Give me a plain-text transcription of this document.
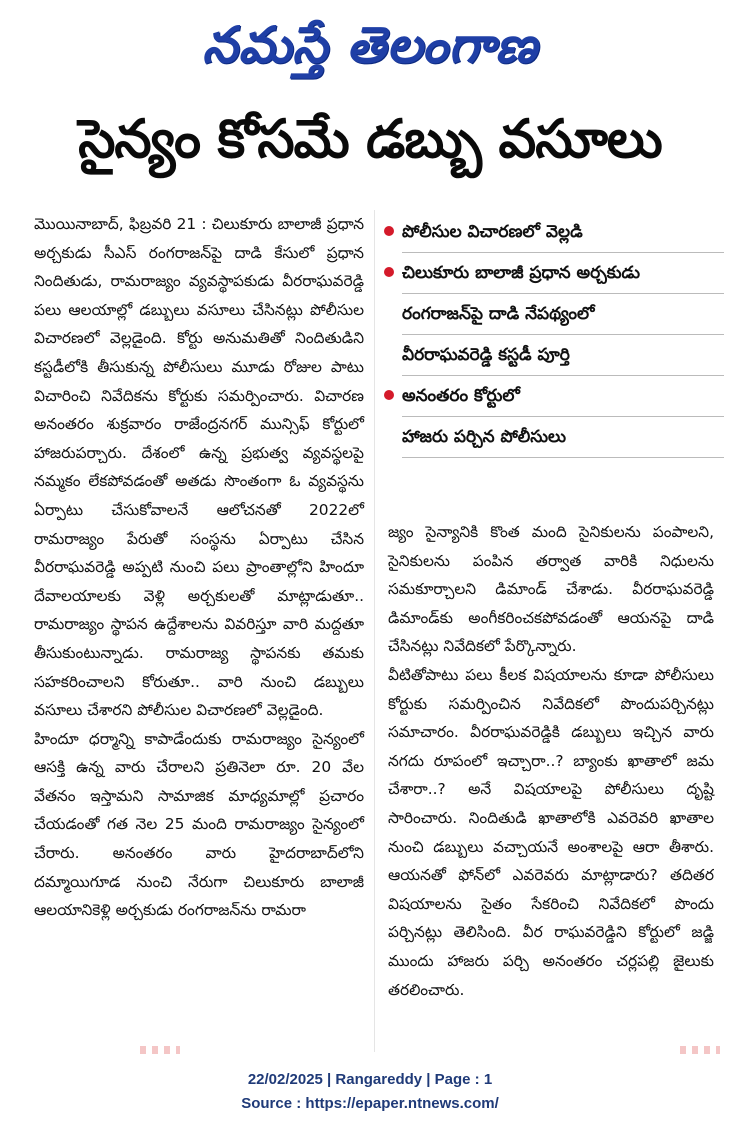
నమస్తే తెలంగాణ
సైన్యం కోసమే డబ్బు వసూలు

మొయినాబాద్, ఫిబ్రవరి 21 : చిలుకూరు బాలాజీ ప్రధాన అర్చకుడు సీఎస్ రంగరాజన్‌పై దాడి కేసులో ప్రధాన నిందితుడు, రామరాజ్యం వ్యవస్థాపకుడు వీరరాఘవరెడ్డి పలు ఆలయాల్లో డబ్బులు వసూలు చేసినట్లు పోలీసుల విచారణలో వెల్లడైంది. కోర్టు అనుమతితో నిందితుడిని కస్టడీలోకి తీసుకున్న పోలీసులు మూడు రోజుల పాటు విచారించి నివేదికను కోర్టుకు సమర్పించారు. విచారణ అనంతరం శుక్రవారం రాజేంద్రనగర్ మున్సిఫ్ కోర్టులో హాజరుపర్చారు. దేశంలో ఉన్న ప్రభుత్వ వ్యవస్థలపై నమ్మకం లేకపోవడంతో అతడు సొంతంగా ఓ వ్యవస్థను ఏర్పాటు చేసుకోవాలనే ఆలోచనతో 2022లో రామరాజ్యం పేరుతో సంస్థను ఏర్పాటు చేసిన వీరరాఘవరెడ్డి అప్పటి నుంచి పలు ప్రాంతాల్లోని హిందూ దేవాలయాలకు వెళ్లి అర్చకులతో మాట్లాడుతూ.. రామరాజ్యం స్థాపన ఉద్దేశాలను వివరిస్తూ వారి మద్దతూ తీసుకుంటున్నాడు. రామరాజ్య స్థాపనకు తమకు సహకరించాలని కోరుతూ.. వారి నుంచి డబ్బులు వసూలు చేశారని పోలీసుల విచారణలో వెల్లడైంది.

హిందూ ధర్మాన్ని కాపాడేందుకు రామరాజ్యం సైన్యంలో ఆసక్తి ఉన్న వారు చేరాలని ప్రతినెలా రూ. 20 వేల వేతనం ఇస్తామని సామాజిక మాధ్యమాల్లో ప్రచారం చేయడంతో గత నెల 25 మంది రామరాజ్యం సైన్యంలో చేరారు. అనంతరం వారు హైదరాబాద్‌లోని దమ్మాయిగూడ నుంచి నేరుగా చిలుకూరు బాలాజీ ఆలయానికెళ్లి అర్చకుడు రంగరాజన్‌ను రామరా

పోలీసుల విచారణలో వెల్లడి
చిలుకూరు బాలాజీ ప్రధాన అర్చకుడు
రంగరాజన్‌పై దాడి నేపథ్యంలో
వీరరాఘవరెడ్డి కస్టడీ పూర్తి
అనంతరం కోర్టులో
హాజరు పర్చిన పోలీసులు

జ్యం సైన్యానికి కొంత మంది సైనికులను పంపాలని, సైనికులను పంపిన తర్వాత వారికి నిధులను సమకూర్చాలని డిమాండ్ చేశాడు. వీరరాఘవరెడ్డి డిమాండ్‌కు అంగీకరించకపోవడంతో ఆయనపై దాడి చేసినట్లు నివేదికలో పేర్కొన్నారు.

వీటితోపాటు పలు కీలక విషయాలను కూడా పోలీసులు కోర్టుకు సమర్పించిన నివేదికలో పొందుపర్చినట్లు సమాచారం. వీరరాఘవరెడ్డికి డబ్బులు ఇచ్చిన వారు నగదు రూపంలో ఇచ్చారా..? బ్యాంకు ఖాతాలో జమ చేశారా..? అనే విషయాలపై పోలీసులు దృష్టి సారించారు. నిందితుడి ఖాతాలోకి ఎవరెవరి ఖాతాల నుంచి డబ్బులు వచ్చాయనే అంశాలపై ఆరా తీశారు. ఆయనతో ఫోన్‌లో ఎవరెవరు మాట్లాడారు? తదితర విషయాలను సైతం సేకరించి నివేదికలో పొందు పర్చినట్లు తెలిసింది. వీర రాఘవరెడ్డిని కోర్టులో జడ్జి ముందు హాజరు పర్చి అనంతరం చర్లపల్లి జైలుకు తరలించారు.

22/02/2025 | Rangareddy | Page : 1
Source : https://epaper.ntnews.com/
